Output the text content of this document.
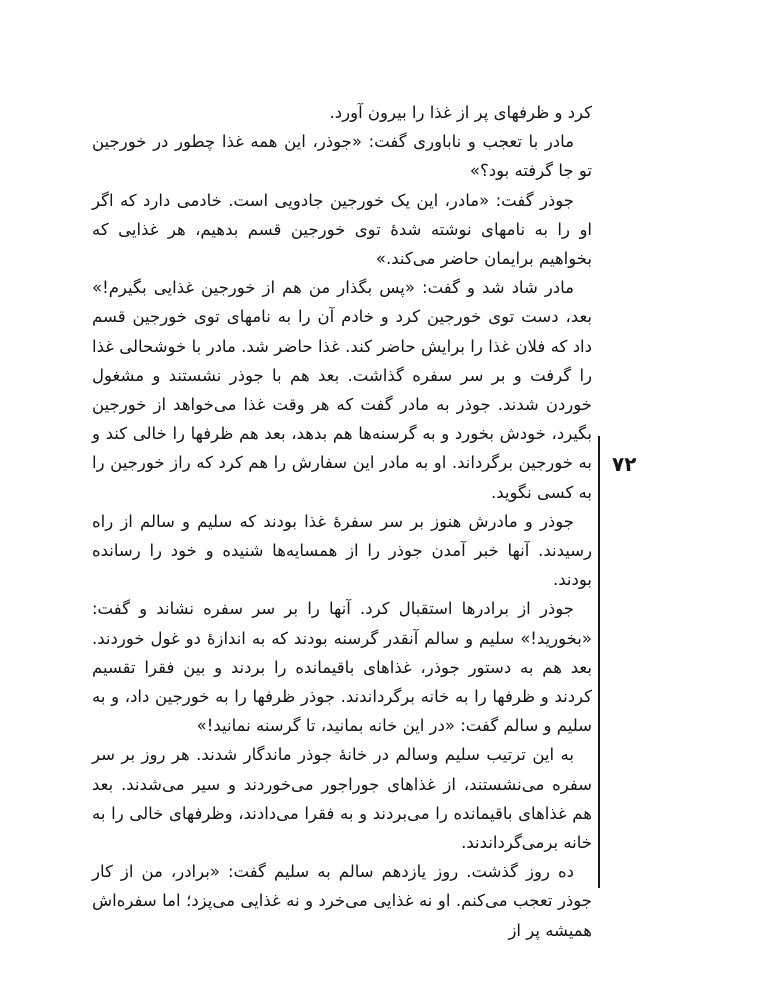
کرد و ظرفهای پر از غذا را بیرون آورد.

مادر با تعجب و ناباوری گفت: «جوذر، این همه غذا چطور در خورجین تو جا گرفته بود؟»

جوذر گفت: «مادر، این یک خورجین جادویی است. خادمی دارد که اگر او را به نامهای نوشته شدهٔ توی خورجین قسم بدهیم، هر غذایی که بخواهیم برایمان حاضر می‌کند.»

مادر شاد شد و گفت: «پس بگذار من هم از خورجین غذایی بگیرم!» بعد، دست توی خورجین کرد و خادم آن را به نامهای توی خورجین قسم داد که فلان غذا را برایش حاضر کند. غذا حاضر شد. مادر با خوشحالی غذا را گرفت و بر سر سفره گذاشت. بعد هم با جوذر نشستند و مشغول خوردن شدند. جوذر به مادر گفت که هر وقت غذا می‌خواهد از خورجین بگیرد، خودش بخورد و به گرسنه‌ها هم بدهد، بعد هم ظرفها را خالی کند و به خورجین برگرداند. او به مادر این سفارش را هم کرد که راز خورجین را به کسی نگوید.

جوذر و مادرش هنوز بر سر سفرهٔ غذا بودند که سلیم و سالم از راه رسیدند. آنها خبر آمدن جوذر را از همسایه‌ها شنیده و خود را رسانده بودند.

جوذر از برادرها استقبال کرد. آنها را بر سر سفره نشاند و گفت: «بخورید!» سلیم و سالم آنقدر گرسنه بودند که به اندازهٔ دو غول خوردند. بعد هم به دستور جوذر، غذاهای باقیمانده را بردند و بین فقرا تقسیم کردند و ظرفها را به خانه برگرداندند. جوذر ظرفها را به خورجین داد، و به سلیم و سالم گفت: «در این خانه بمانید، تا گرسنه نمانید!»

به این ترتیب سلیم وسالم در خانهٔ جوذر ماندگار شدند. هر روز بر سر سفره می‌نشستند، از غذاهای جوراجور می‌خوردند و سیر می‌شدند. بعد هم غذاهای باقیمانده را می‌بردند و به فقرا می‌دادند، وظرفهای خالی را به خانه برمی‌گرداندند.

ده روز گذشت. روز یازدهم سالم به سلیم گفت: «برادر، من از کار جوذر تعجب می‌کنم. او نه غذایی می‌خرد و نه غذایی می‌پزد؛ اما سفره‌اش همیشه پر از

۷۲
